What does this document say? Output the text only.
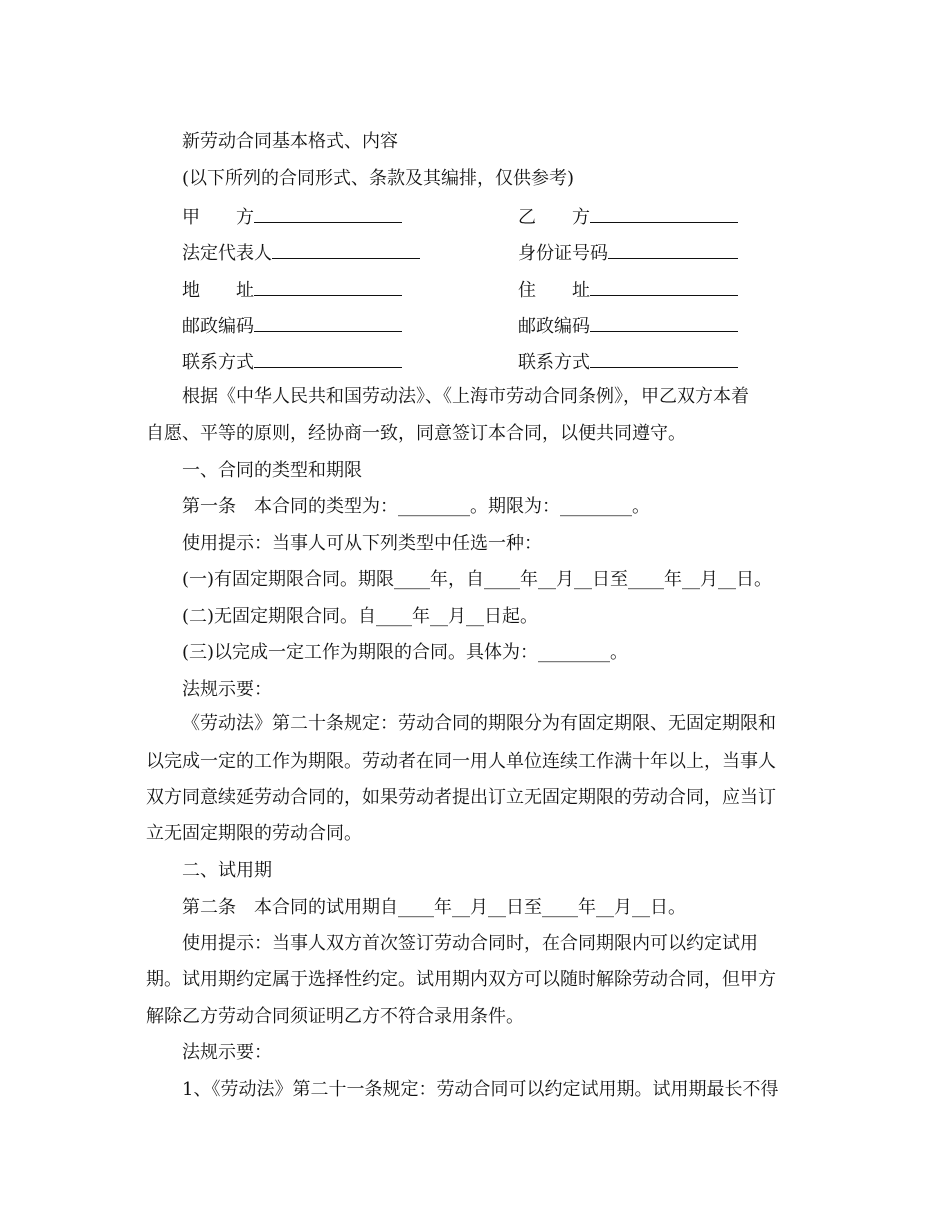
新劳动合同基本格式、内容
(以下所列的合同形式、条款及其编排，仅供参考)
甲　　方	乙　　方
法定代表人	身份证号码
地　　址	住　　址
邮政编码	邮政编码
联系方式	联系方式
根据《中华人民共和国劳动法》、《上海市劳动合同条例》，甲乙双方本着
自愿、平等的原则，经协商一致，同意签订本合同，以便共同遵守。
一、合同的类型和期限
第一条　本合同的类型为：________。期限为：________。
使用提示：当事人可从下列类型中任选一种：
(一)有固定期限合同。期限____年，自____年__月__日至____年__月__日。
(二)无固定期限合同。自____年__月__日起。
(三)以完成一定工作为期限的合同。具体为：________。
法规示要：
《劳动法》第二十条规定：劳动合同的期限分为有固定期限、无固定期限和
以完成一定的工作为期限。劳动者在同一用人单位连续工作满十年以上，当事人
双方同意续延劳动合同的，如果劳动者提出订立无固定期限的劳动合同，应当订
立无固定期限的劳动合同。
二、试用期
第二条　本合同的试用期自____年__月__日至____年__月__日。
使用提示：当事人双方首次签订劳动合同时，在合同期限内可以约定试用
期。试用期约定属于选择性约定。试用期内双方可以随时解除劳动合同，但甲方
解除乙方劳动合同须证明乙方不符合录用条件。
法规示要：
1、《劳动法》第二十一条规定：劳动合同可以约定试用期。试用期最长不得
